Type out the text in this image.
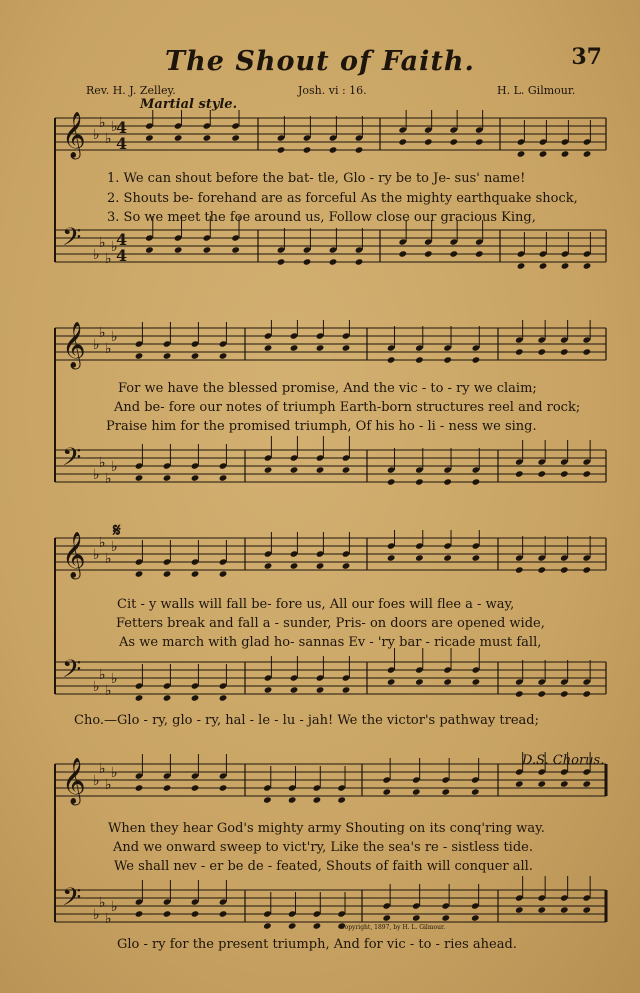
The Shout of Faith.	37
Rev. H. J. Zelley.	Josh. vi : 16.	H. L. Gilmour.
Martial style.
𝄞 ♭
♭
♭
♭
4
4
𝄢 ♭
♭
♭
♭
4
4
1. We can shout before the bat- tle, Glo - ry be to Je- sus' name!
2. Shouts be- forehand are as forceful As the mighty earthquake shock,
3. So we meet the foe around us, Follow close our gracious King,
𝄞 ♭
♭
♭
♭
𝄢 ♭
♭
♭
♭
For we have the blessed promise, And the vic - to - ry we claim;
And be- fore our notes of triumph Earth-born structures reel and rock;
Praise him for the promised triumph, Of his ho - li - ness we sing.
𝄋
𝄞 ♭
♭
♭
♭
𝄢 ♭
♭
♭
♭
Cit - y walls will fall be- fore us, All our foes will flee a - way,
Fetters break and fall a - sunder, Pris- on doors are opened wide,
As we march with glad ho- sannas Ev - 'ry bar - ricade must fall,
Cho.—Glo - ry, glo - ry, hal - le - lu - jah! We the victor's pathway tread;
D.S. Chorus.
𝄞 ♭
♭
♭
♭
𝄢 ♭
♭
♭
♭
When they hear God's mighty army Shouting on its conq'ring way.
And we onward sweep to vict'ry, Like the sea's re - sistless tide.
We shall nev - er be de - feated, Shouts of faith will conquer all.
Copyright, 1897, by H. L. Gilmour.
Glo - ry for the present triumph, And for vic - to - ries ahead.
